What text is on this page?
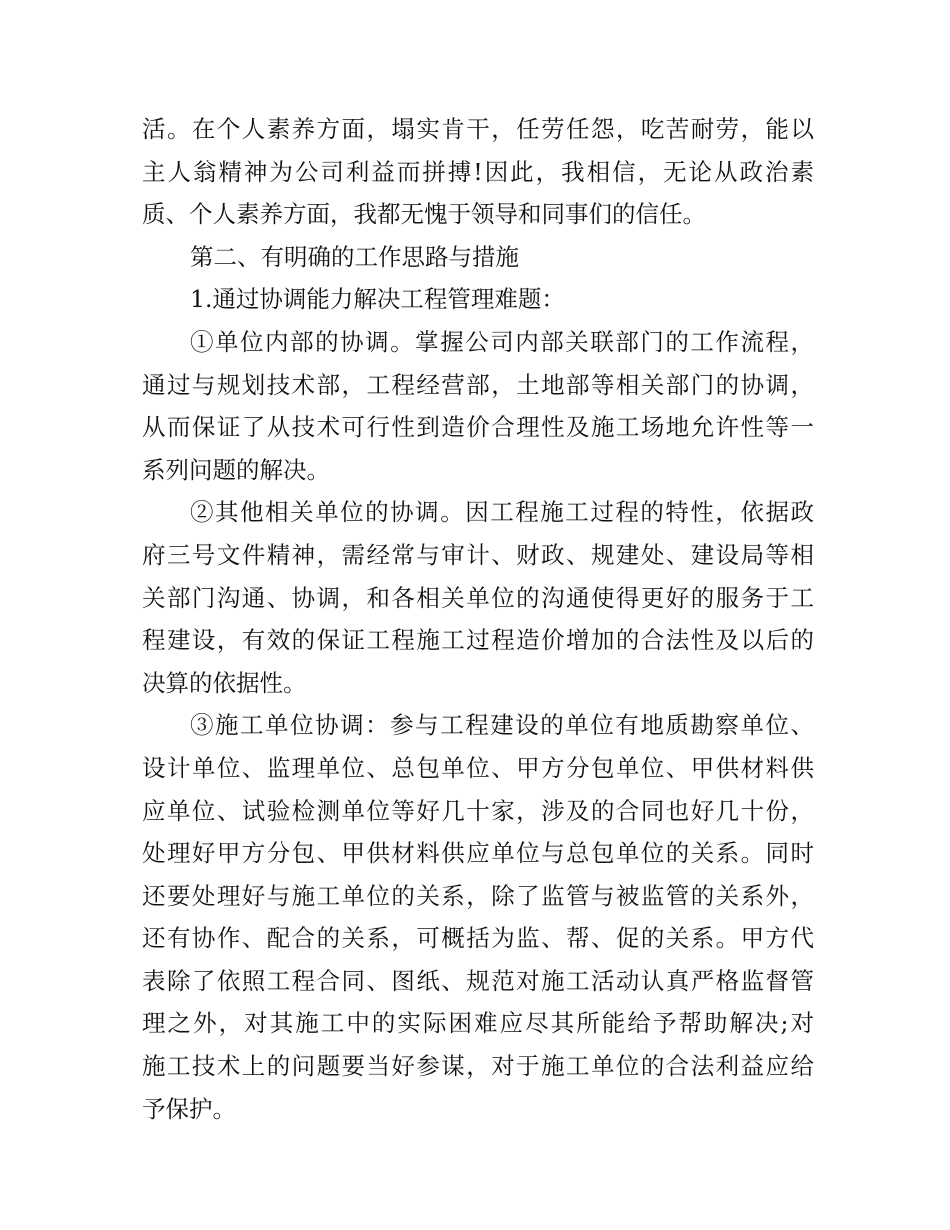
活。在个人素养方面，塌实肯干，任劳任怨，吃苦耐劳，能以
主人翁精神为公司利益而拼搏!因此，我相信，无论从政治素
质、个人素养方面，我都无愧于领导和同事们的信任。
第二、有明确的工作思路与措施
1.通过协调能力解决工程管理难题：
①单位内部的协调。掌握公司内部关联部门的工作流程，
通过与规划技术部，工程经营部，土地部等相关部门的协调，
从而保证了从技术可行性到造价合理性及施工场地允许性等一
系列问题的解决。
②其他相关单位的协调。因工程施工过程的特性，依据政
府三号文件精神，需经常与审计、财政、规建处、建设局等相
关部门沟通、协调，和各相关单位的沟通使得更好的服务于工
程建设，有效的保证工程施工过程造价增加的合法性及以后的
决算的依据性。
③施工单位协调：参与工程建设的单位有地质勘察单位、
设计单位、监理单位、总包单位、甲方分包单位、甲供材料供
应单位、试验检测单位等好几十家，涉及的合同也好几十份，
处理好甲方分包、甲供材料供应单位与总包单位的关系。同时
还要处理好与施工单位的关系，除了监管与被监管的关系外，
还有协作、配合的关系，可概括为监、帮、促的关系。甲方代
表除了依照工程合同、图纸、规范对施工活动认真严格监督管
理之外，对其施工中的实际困难应尽其所能给予帮助解决;对
施工技术上的问题要当好参谋，对于施工单位的合法利益应给
予保护。
